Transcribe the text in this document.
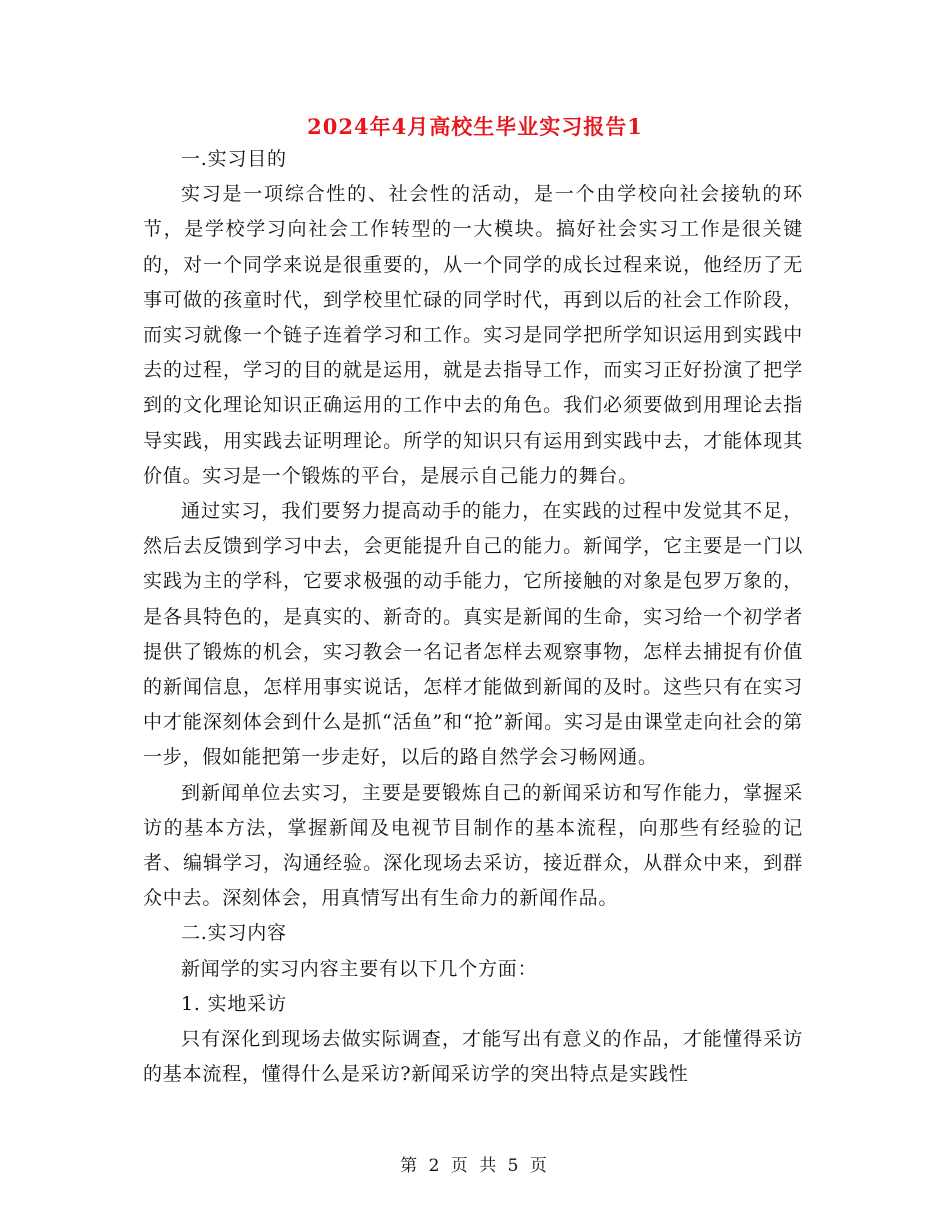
2024年4月高校生毕业实习报告1

一.实习目的

实习是一项综合性的、社会性的活动，是一个由学校向社会接轨的环节，是学校学习向社会工作转型的一大模块。搞好社会实习工作是很关键的，对一个同学来说是很重要的，从一个同学的成长过程来说，他经历了无事可做的孩童时代，到学校里忙碌的同学时代，再到以后的社会工作阶段，而实习就像一个链子连着学习和工作。实习是同学把所学知识运用到实践中去的过程，学习的目的就是运用，就是去指导工作，而实习正好扮演了把学到的文化理论知识正确运用的工作中去的角色。我们必须要做到用理论去指导实践，用实践去证明理论。所学的知识只有运用到实践中去，才能体现其价值。实习是一个锻炼的平台，是展示自己能力的舞台。

通过实习，我们要努力提高动手的能力，在实践的过程中发觉其不足，然后去反馈到学习中去，会更能提升自己的能力。新闻学，它主要是一门以实践为主的学科，它要求极强的动手能力，它所接触的对象是包罗万象的，是各具特色的，是真实的、新奇的。真实是新闻的生命，实习给一个初学者提供了锻炼的机会，实习教会一名记者怎样去观察事物，怎样去捕捉有价值的新闻信息，怎样用事实说话，怎样才能做到新闻的及时。这些只有在实习中才能深刻体会到什么是抓“活鱼”和“抢”新闻。实习是由课堂走向社会的第一步，假如能把第一步走好，以后的路自然学会习畅网通。

到新闻单位去实习，主要是要锻炼自己的新闻采访和写作能力，掌握采访的基本方法，掌握新闻及电视节目制作的基本流程，向那些有经验的记者、编辑学习，沟通经验。深化现场去采访，接近群众，从群众中来，到群众中去。深刻体会，用真情写出有生命力的新闻作品。

二.实习内容

新闻学的实习内容主要有以下几个方面：

1. 实地采访

只有深化到现场去做实际调查，才能写出有意义的作品，才能懂得采访的基本流程，懂得什么是采访?新闻采访学的突出特点是实践性

第 2 页 共 5 页
